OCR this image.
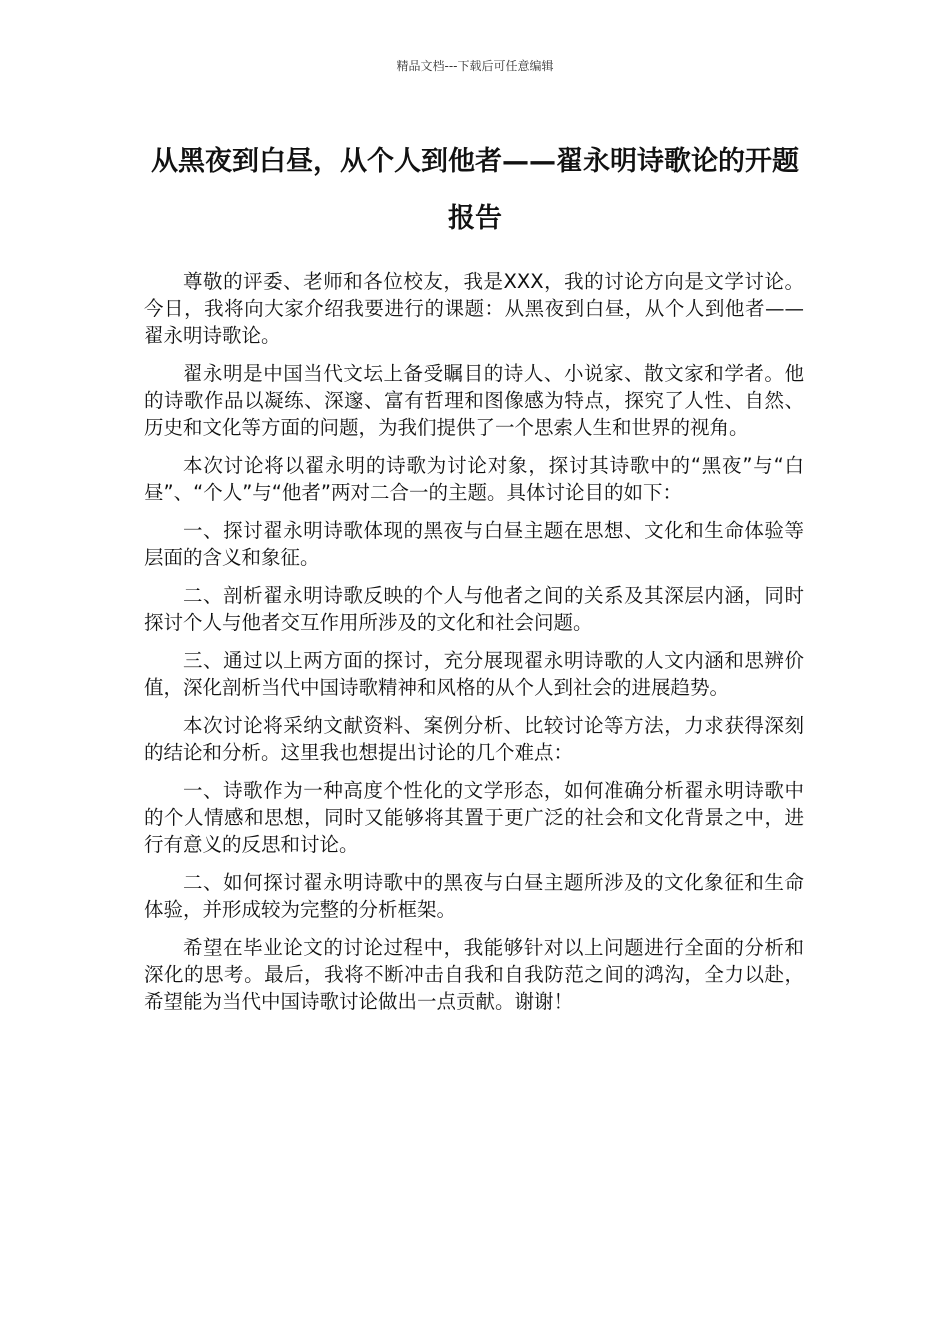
精品文档---下载后可任意编辑
从黑夜到白昼，从个人到他者——翟永明诗歌论的开题报告

尊敬的评委、老师和各位校友，我是XXX，我的讨论方向是文学讨论。今日，我将向大家介绍我要进行的课题：从黑夜到白昼，从个人到他者——翟永明诗歌论。

翟永明是中国当代文坛上备受瞩目的诗人、小说家、散文家和学者。他的诗歌作品以凝练、深邃、富有哲理和图像感为特点，探究了人性、自然、历史和文化等方面的问题，为我们提供了一个思索人生和世界的视角。

本次讨论将以翟永明的诗歌为讨论对象，探讨其诗歌中的“黑夜”与“白昼”、“个人”与“他者”两对二合一的主题。具体讨论目的如下：

一、探讨翟永明诗歌体现的黑夜与白昼主题在思想、文化和生命体验等层面的含义和象征。

二、剖析翟永明诗歌反映的个人与他者之间的关系及其深层内涵，同时探讨个人与他者交互作用所涉及的文化和社会问题。

三、通过以上两方面的探讨，充分展现翟永明诗歌的人文内涵和思辨价值，深化剖析当代中国诗歌精神和风格的从个人到社会的进展趋势。

本次讨论将采纳文献资料、案例分析、比较讨论等方法，力求获得深刻的结论和分析。这里我也想提出讨论的几个难点：

一、诗歌作为一种高度个性化的文学形态，如何准确分析翟永明诗歌中的个人情感和思想，同时又能够将其置于更广泛的社会和文化背景之中，进行有意义的反思和讨论。

二、如何探讨翟永明诗歌中的黑夜与白昼主题所涉及的文化象征和生命体验，并形成较为完整的分析框架。

希望在毕业论文的讨论过程中，我能够针对以上问题进行全面的分析和深化的思考。最后，我将不断冲击自我和自我防范之间的鸿沟，全力以赴，希望能为当代中国诗歌讨论做出一点贡献。谢谢！
